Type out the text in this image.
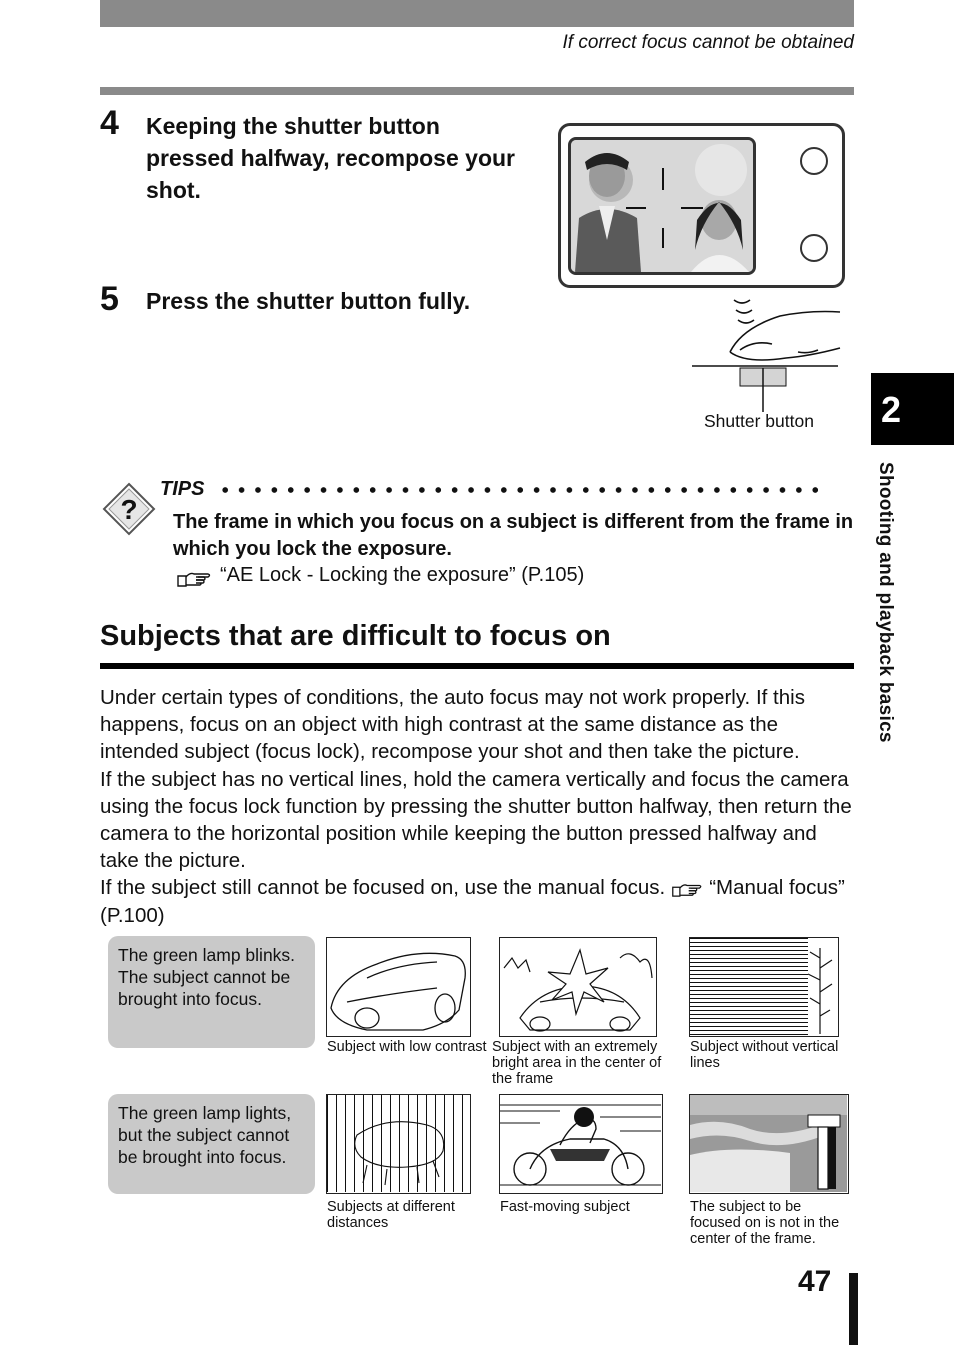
If correct focus cannot be obtained
4 Keeping the shutter button pressed halfway, recompose your shot.
5 Press the shutter button fully.
Shutter button 2
Shooting and playback basics
?
TIPS
The frame in which you focus on a subject is different from the frame in which you lock the exposure.
“AE Lock - Locking the exposure” (P.105)
Subjects that are difficult to focus on

Under certain types of conditions, the auto focus may not work properly. If this happens, focus on an object with high contrast at the same distance as the intended subject (focus lock), recompose your shot and then take the picture.

If the subject has no vertical lines, hold the camera vertically and focus the camera using the focus lock function by pressing the shutter button halfway, then return the camera to the horizontal position while keeping the button pressed halfway and take the picture.

If the subject still cannot be focused on, use the manual focus. “Manual focus” (P.100)

The green lamp blinks.
The subject cannot be brought into focus.
Subject with low contrast Subject with an extremely bright area in the center of the frame
Subject without vertical lines
The green lamp lights, but the subject cannot be brought into focus.
Subjects at different distances
Fast-moving subject	The subject to be focused on is not in the center of the frame.
47
